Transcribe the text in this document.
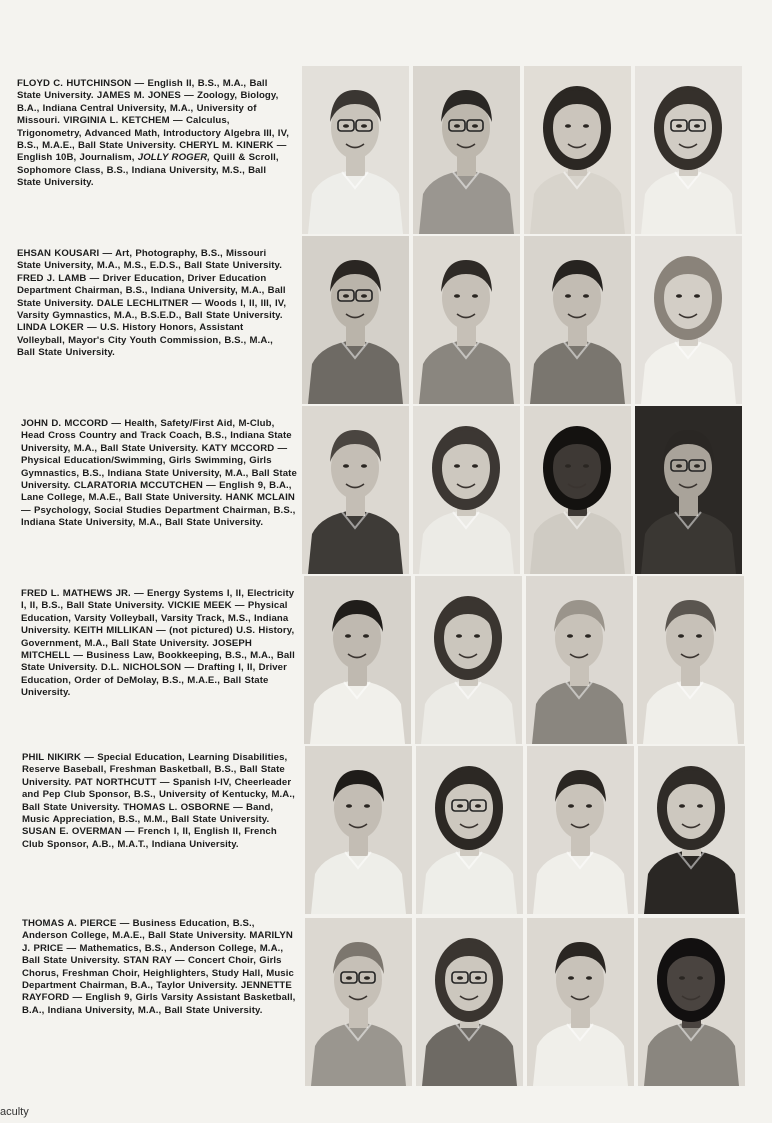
FLOYD C. HUTCHINSON — English II, B.S., M.A., Ball State University. JAMES M. JONES — Zoology, Biology, B.A., Indiana Central University, M.A., University of Missouri. VIRGINIA L. KETCHEM — Calculus, Trigonometry, Advanced Math, Introductory Algebra III, IV, B.S., M.A.E., Ball State University. CHERYL M. KINERK — English 10B, Journalism, JOLLY ROGER, Quill & Scroll, Sophomore Class, B.S., Indiana University, M.S., Ball State University.

EHSAN KOUSARI — Art, Photography, B.S., Missouri State University, M.A., M.S., E.D.S., Ball State University. FRED J. LAMB — Driver Education, Driver Education Department Chairman, B.S., Indiana University, M.A., Ball State University. DALE LECHLITNER — Woods I, II, III, IV, Varsity Gymnastics, M.A., B.S.E.D., Ball State University. LINDA LOKER — U.S. History Honors, Assistant Volleyball, Mayor's City Youth Commission, B.S., M.A., Ball State University.

JOHN D. MCCORD — Health, Safety/First Aid, M-Club, Head Cross Country and Track Coach, B.S., Indiana State University, M.A., Ball State University. KATY MCCORD — Physical Education/Swimming, Girls Swimming, Girls Gymnastics, B.S., Indiana State University, M.A., Ball State University. CLARATORIA MCCUTCHEN — English 9, B.A., Lane College, M.A.E., Ball State University. HANK MCLAIN — Psychology, Social Studies Department Chairman, B.S., Indiana State University, M.A., Ball State University.

FRED L. MATHEWS JR. — Energy Systems I, II, Electricity I, II, B.S., Ball State University. VICKIE MEEK — Physical Education, Varsity Volleyball, Varsity Track, M.S., Indiana University. KEITH MILLIKAN — (not pictured) U.S. History, Government, M.A., Ball State University. JOSEPH MITCHELL — Business Law, Bookkeeping, B.S., M.A., Ball State University. D.L. NICHOLSON — Drafting I, II, Driver Education, Order of DeMolay, B.S., M.A.E., Ball State University.

PHIL NIKIRK — Special Education, Learning Disabilities, Reserve Baseball, Freshman Basketball, B.S., Ball State University. PAT NORTHCUTT — Spanish I-IV, Cheerleader and Pep Club Sponsor, B.S., University of Kentucky, M.A., Ball State University. THOMAS L. OSBORNE — Band, Music Appreciation, B.S., M.M., Ball State University. SUSAN E. OVERMAN — French I, II, English II, French Club Sponsor, A.B., M.A.T., Indiana University.

THOMAS A. PIERCE — Business Education, B.S., Anderson College, M.A.E., Ball State University. MARILYN J. PRICE — Mathematics, B.S., Anderson College, M.A., Ball State University. STAN RAY — Concert Choir, Girls Chorus, Freshman Choir, Heighlighters, Study Hall, Music Department Chairman, B.A., Taylor University. JENNETTE RAYFORD — English 9, Girls Varsity Assistant Basketball, B.A., Indiana University, M.A., Ball State University.

aculty
